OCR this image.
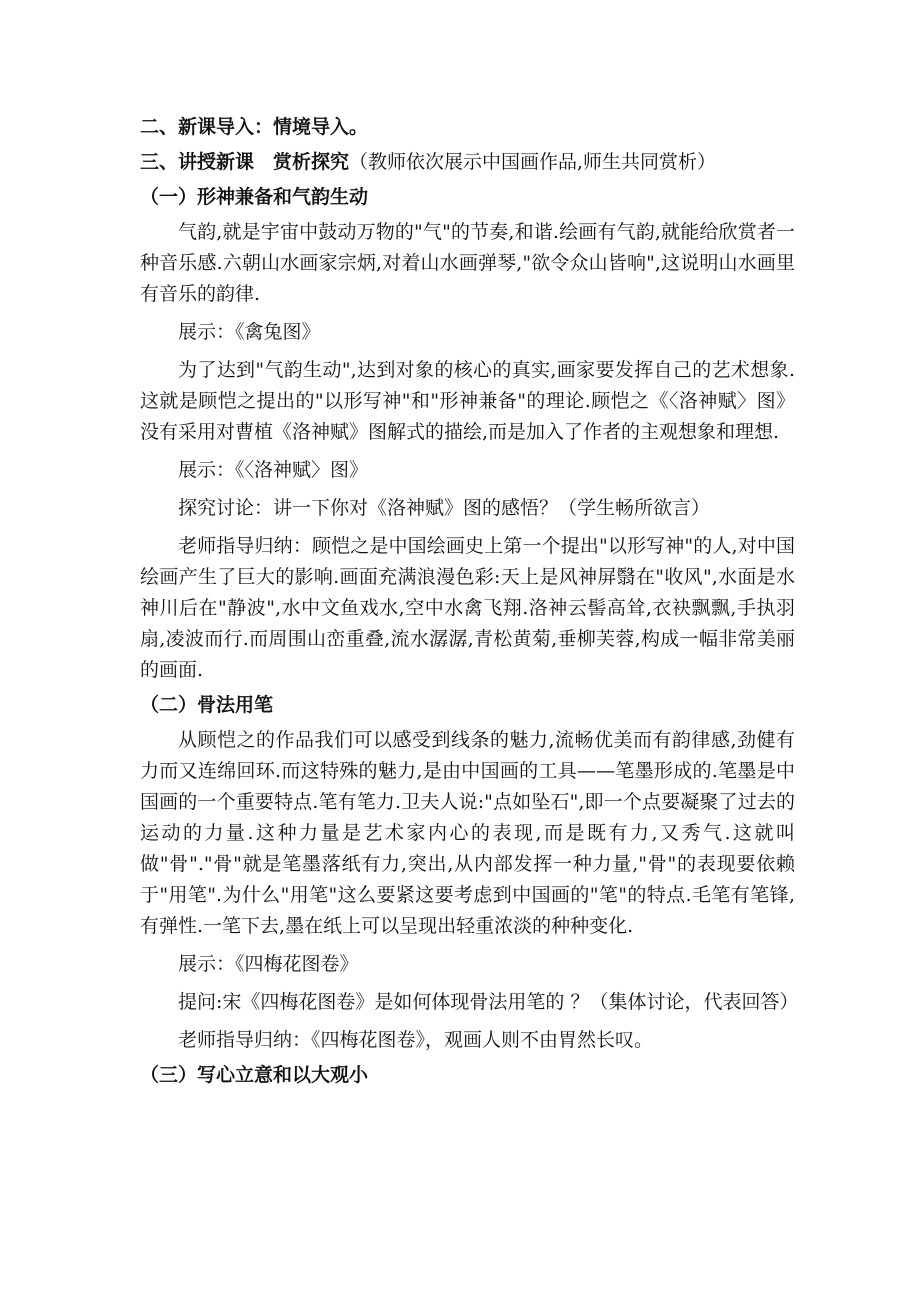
二、新课导入：情境导入。

三、讲授新课　赏析探究（教师依次展示中国画作品,师生共同赏析）

（一）形神兼备和气韵生动

气韵,就是宇宙中鼓动万物的"气"的节奏,和谐.绘画有气韵,就能给欣赏者一种音乐感.六朝山水画家宗炳,对着山水画弹琴,"欲令众山皆响",这说明山水画里有音乐的韵律.

展示：《禽兔图》

为了达到"气韵生动",达到对象的核心的真实,画家要发挥自己的艺术想象.这就是顾恺之提出的"以形写神"和"形神兼备"的理论.顾恺之《〈洛神赋〉图》没有采用对曹植《洛神赋》图解式的描绘,而是加入了作者的主观想象和理想.

展示：《〈洛神赋〉图》

探究讨论：讲一下你对《洛神赋》图的感悟？（学生畅所欲言）

老师指导归纳：顾恺之是中国绘画史上第一个提出"以形写神"的人,对中国绘画产生了巨大的影响.画面充满浪漫色彩:天上是风神屏翳在"收风",水面是水神川后在"静波",水中文鱼戏水,空中水禽飞翔.洛神云髻高耸,衣袂飘飘,手执羽扇,凌波而行.而周围山峦重叠,流水潺潺,青松黄菊,垂柳芙蓉,构成一幅非常美丽的画面.

（二）骨法用笔

从顾恺之的作品我们可以感受到线条的魅力,流畅优美而有韵律感,劲健有力而又连绵回环.而这特殊的魅力,是由中国画的工具——笔墨形成的.笔墨是中国画的一个重要特点.笔有笔力.卫夫人说:"点如坠石",即一个点要凝聚了过去的运动的力量.这种力量是艺术家内心的表现,而是既有力,又秀气.这就叫做"骨"."骨"就是笔墨落纸有力,突出,从内部发挥一种力量,"骨"的表现要依赖于"用笔".为什么"用笔"这么要紧这要考虑到中国画的"笔"的特点.毛笔有笔锋,有弹性.一笔下去,墨在纸上可以呈现出轻重浓淡的种种变化.

展示：《四梅花图卷》

提问:宋《四梅花图卷》是如何体现骨法用笔的 ？（集体讨论，代表回答）

老师指导归纳：《四梅花图卷》，观画人则不由胃然长叹。

（三）写心立意和以大观小
